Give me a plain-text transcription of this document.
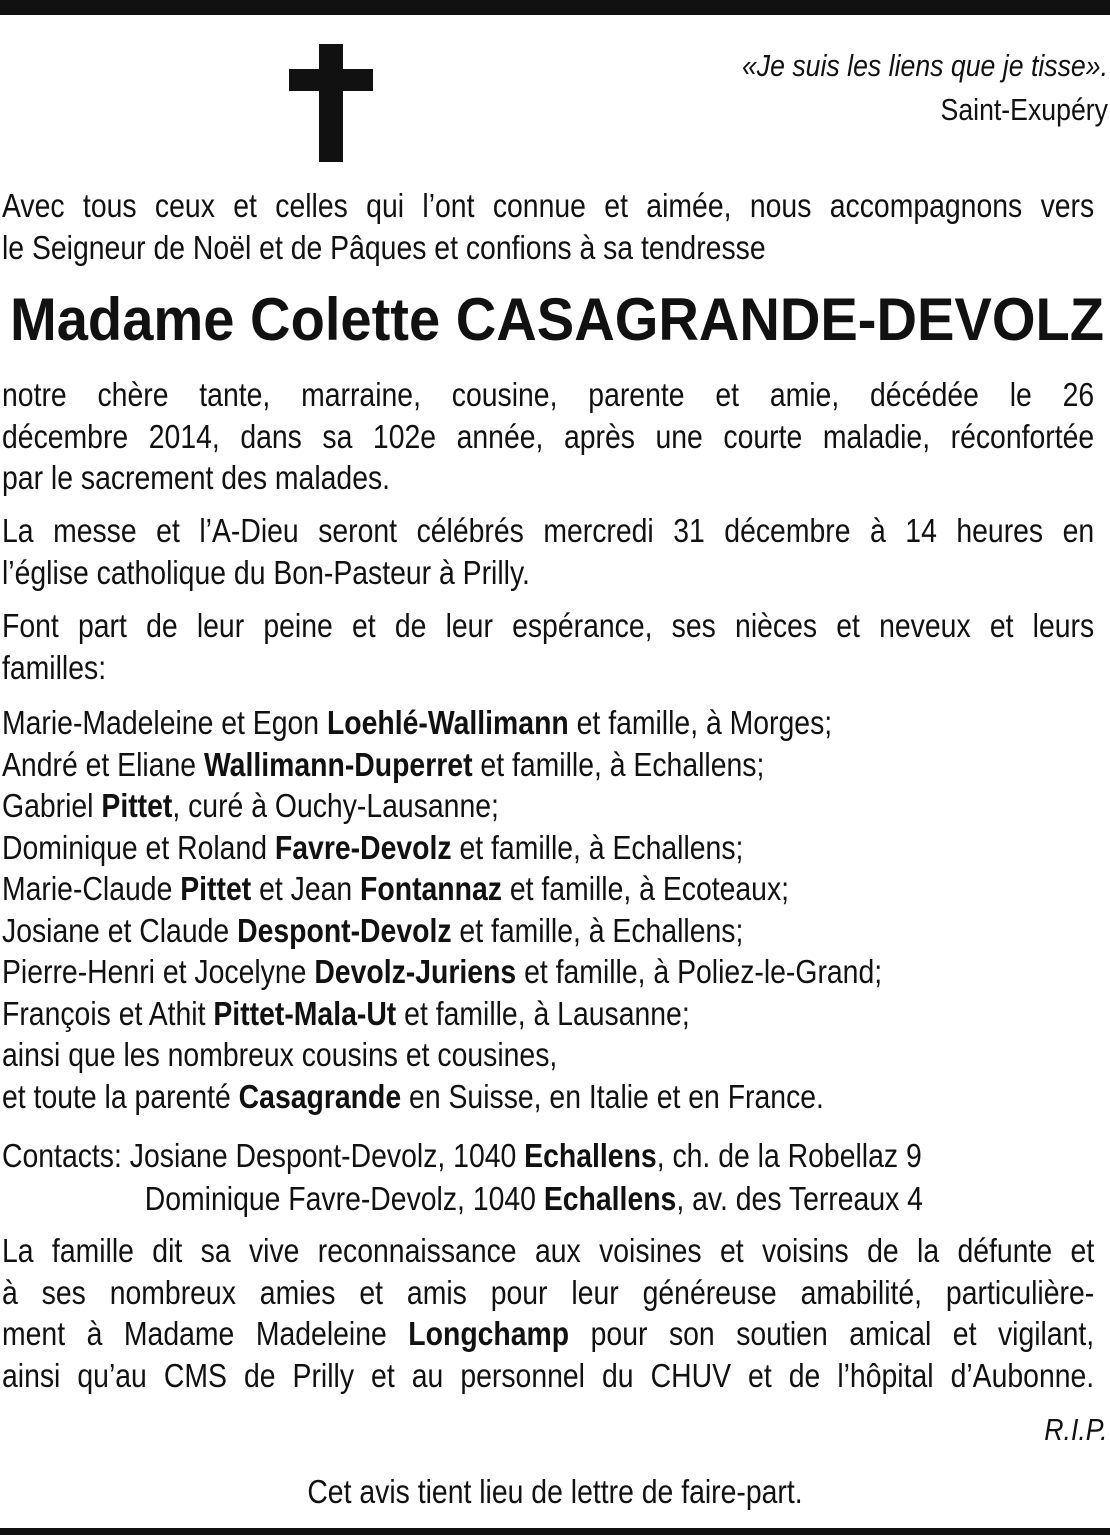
«Je suis les liens que je tisse».
Saint-Exupéry
Avec tous ceux et celles qui l’ont connue et aimée, nous accompagnons vers
le Seigneur de Noël et de Pâques et confions à sa tendresse
Madame Colette CASAGRANDE-DEVOLZ
notre chère tante, marraine, cousine, parente et amie, décédée le 26
décembre 2014, dans sa 102e année, après une courte maladie, réconfortée
par le sacrement des malades.
La messe et l’A-Dieu seront célébrés mercredi 31 décembre à 14 heures en
l’église catholique du Bon-Pasteur à Prilly.
Font part de leur peine et de leur espérance, ses nièces et neveux et leurs
familles:
Marie-Madeleine et Egon Loehlé-Wallimann et famille, à Morges;
André et Eliane Wallimann-Duperret et famille, à Echallens;
Gabriel Pittet, curé à Ouchy-Lausanne;
Dominique et Roland Favre-Devolz et famille, à Echallens;
Marie-Claude Pittet et Jean Fontannaz et famille, à Ecoteaux;
Josiane et Claude Despont-Devolz et famille, à Echallens;
Pierre-Henri et Jocelyne Devolz-Juriens et famille, à Poliez-le-Grand;
François et Athit Pittet-Mala-Ut et famille, à Lausanne;
ainsi que les nombreux cousins et cousines,
et toute la parenté Casagrande en Suisse, en Italie et en France.
Contacts: Josiane Despont-Devolz, 1040 Echallens, ch. de la Robellaz 9
Dominique Favre-Devolz, 1040 Echallens, av. des Terreaux 4
La famille dit sa vive reconnaissance aux voisines et voisins de la défunte et
à ses nombreux amies et amis pour leur généreuse amabilité, particulière-
ment à Madame Madeleine Longchamp pour son soutien amical et vigilant,
ainsi qu’au CMS de Prilly et au personnel du CHUV et de l’hôpital d’Aubonne.
R.I.P.
Cet avis tient lieu de lettre de faire-part.
